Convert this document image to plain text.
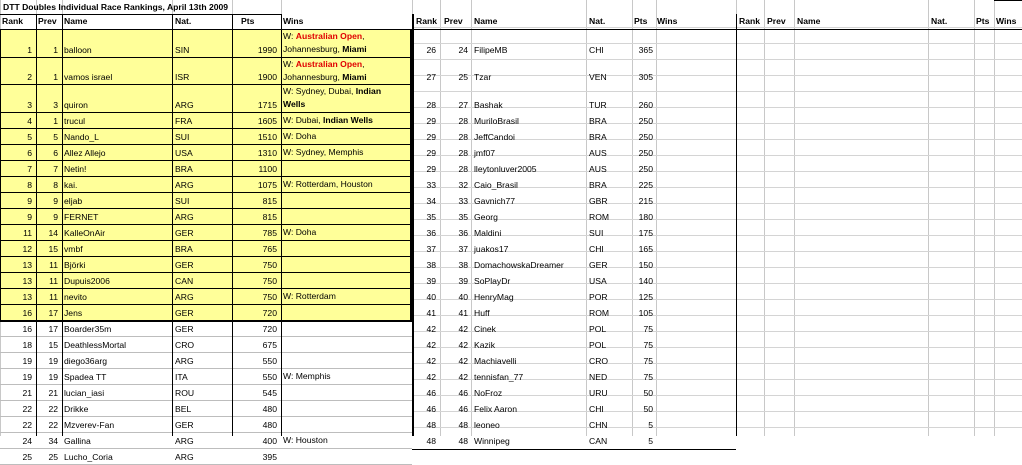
DTT Doubles Individual Race Rankings, April 13th 2009
Rank Prev Name	Nat.	Pts	Wins	Rank Prev Name	Nat.	Pts Wins	Rank Prev Name	Nat.	Pts Wins
1	1 balloon	SIN	1990
W: Australian Open,
Johannesburg, Miami
2	1 vamos israel	ISR	1900
W: Australian Open,
Johannesburg, Miami
3	3 quiron	ARG	1715
W: Sydney, Dubai, Indian
Wells
4	1 trucul	FRA	1605 W: Dubai, Indian Wells
5	5 Nando_L	SUI	1510 W: Doha
6	6 Allez Allejo	USA	1310 W: Sydney, Memphis
7	7 Netin!	BRA	1100
8	8 kai.	ARG	1075 W: Rotterdam, Houston
9	9 eljab	SUI	815
9	9 FERNET	ARG	815
11	14 KalleOnAir	GER	785 W: Doha
12	15 vmbf	BRA	765
13	11 Björki	GER	750
13	11 Dupuis2006	CAN	750
13	11 nevito	ARG	750 W: Rotterdam
16	17 Jens	GER	720
16	17 Boarder35m	GER	720
18	15 DeathlessMortal	CRO	675
19	19 diego36arg	ARG	550
19	19 Spadea TT	ITA	550 W: Memphis
21	21 lucian_iasi	ROU	545
22	22 Drikke	BEL	480
22	22 Mzverev-Fan	GER	480
24	34 Gallina	ARG	400 W: Houston
25	25 Lucho_Coria	ARG	395
26	24 FilipeMB	CHI	365
27	25 Tzar	VEN	305
28	27 Bashak	TUR	260
29	28 MuriloBrasil	BRA	250
29	28 JeffCandoi	BRA	250
29	28 jmf07	AUS	250
29	28 lleytonluver2005	AUS	250
33	32 Caio_Brasil	BRA	225
34	33 Gavnich77	GBR	215
35	35 Georg	ROM	180
36	36 Maldini	SUI	175
37	37 juakos17	CHI	165
38	38 DomachowskaDreamer	GER	150
39	39 SoPlayDr	USA	140
40	40 HenryMag	POR	125
41	41 Huff	ROM	105
42	42 Cinek	POL	75
42	42 Kazik	POL	75
42	42 Machiavelli	CRO	75
42	42 tennisfan_77	NED	75
46	46 NoFroz	URU	50
46	46 Felix Aaron	CHI	50
48	48 leoneo	CHN	5
48	48 Winnipeg	CAN	5
